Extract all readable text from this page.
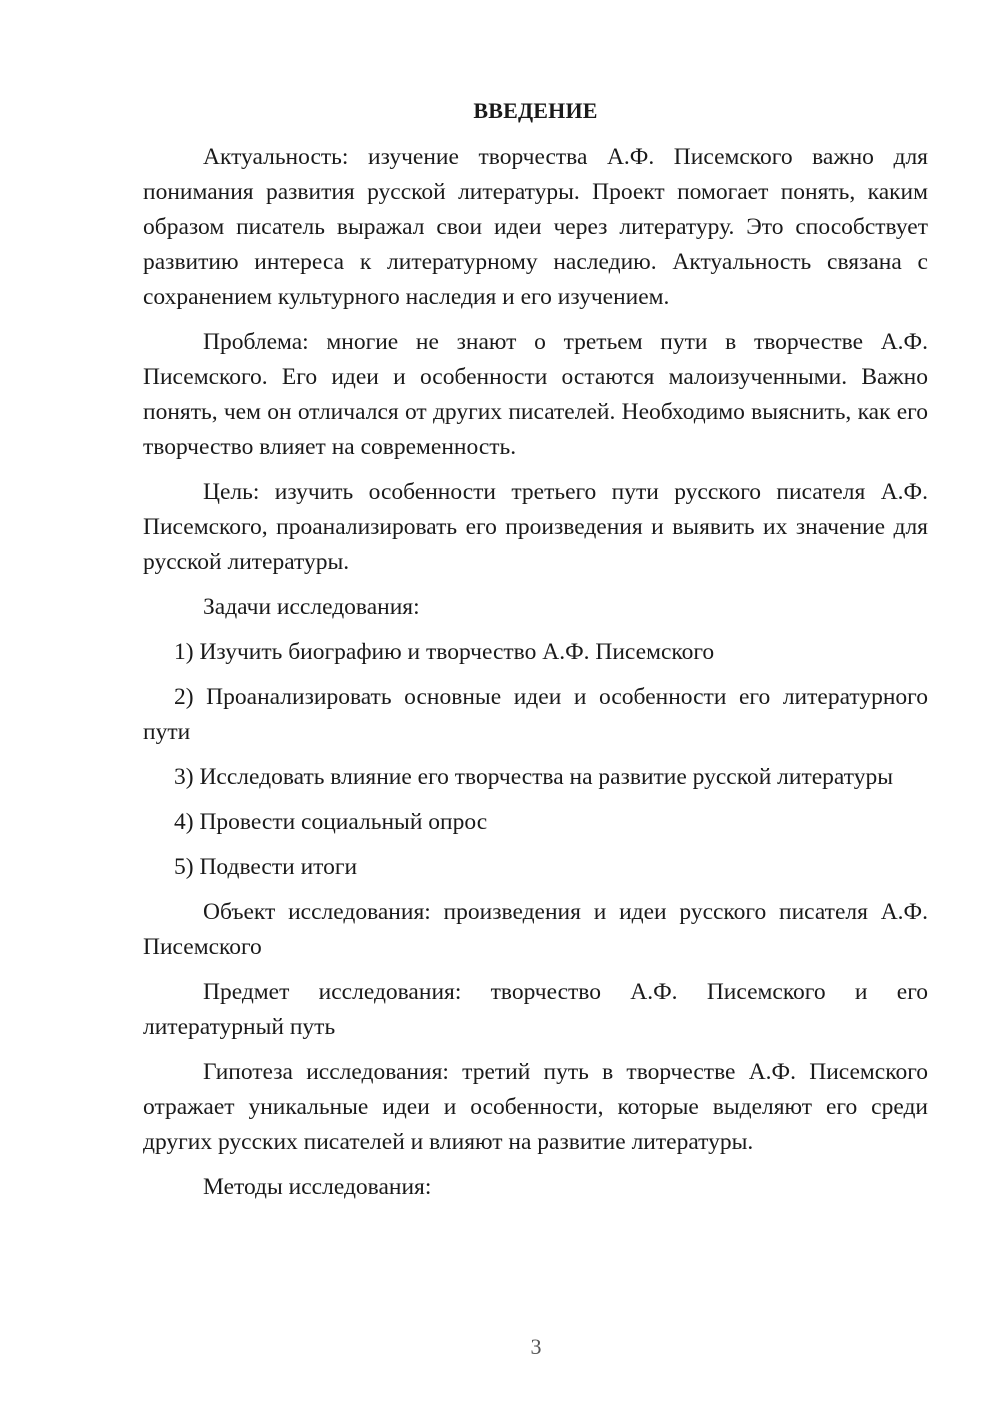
ВВЕДЕНИЕ

Актуальность: изучение творчества А.Ф. Писемского важно для понимания развития русской литературы. Проект помогает понять, каким образом писатель выражал свои идеи через литературу. Это способствует развитию интереса к литературному наследию. Актуальность связана с сохранением культурного наследия и его изучением.

Проблема: многие не знают о третьем пути в творчестве А.Ф. Писемского. Его идеи и особенности остаются малоизученными. Важно понять, чем он отличался от других писателей. Необходимо выяснить, как его творчество влияет на современность.

Цель: изучить особенности третьего пути русского писателя А.Ф. Писемского, проанализировать его произведения и выявить их значение для русской литературы.

Задачи исследования:

1) Изучить биографию и творчество А.Ф. Писемского

2) Проанализировать основные идеи и особенности его литературного пути

3) Исследовать влияние его творчества на развитие русской литературы

4) Провести социальный опрос

5) Подвести итоги

Объект исследования: произведения и идеи русского писателя А.Ф. Писемского

Предмет исследования: творчество А.Ф. Писемского и его литературный путь

Гипотеза исследования: третий путь в творчестве А.Ф. Писемского отражает уникальные идеи и особенности, которые выделяют его среди других русских писателей и влияют на развитие литературы.

Методы исследования:

3
